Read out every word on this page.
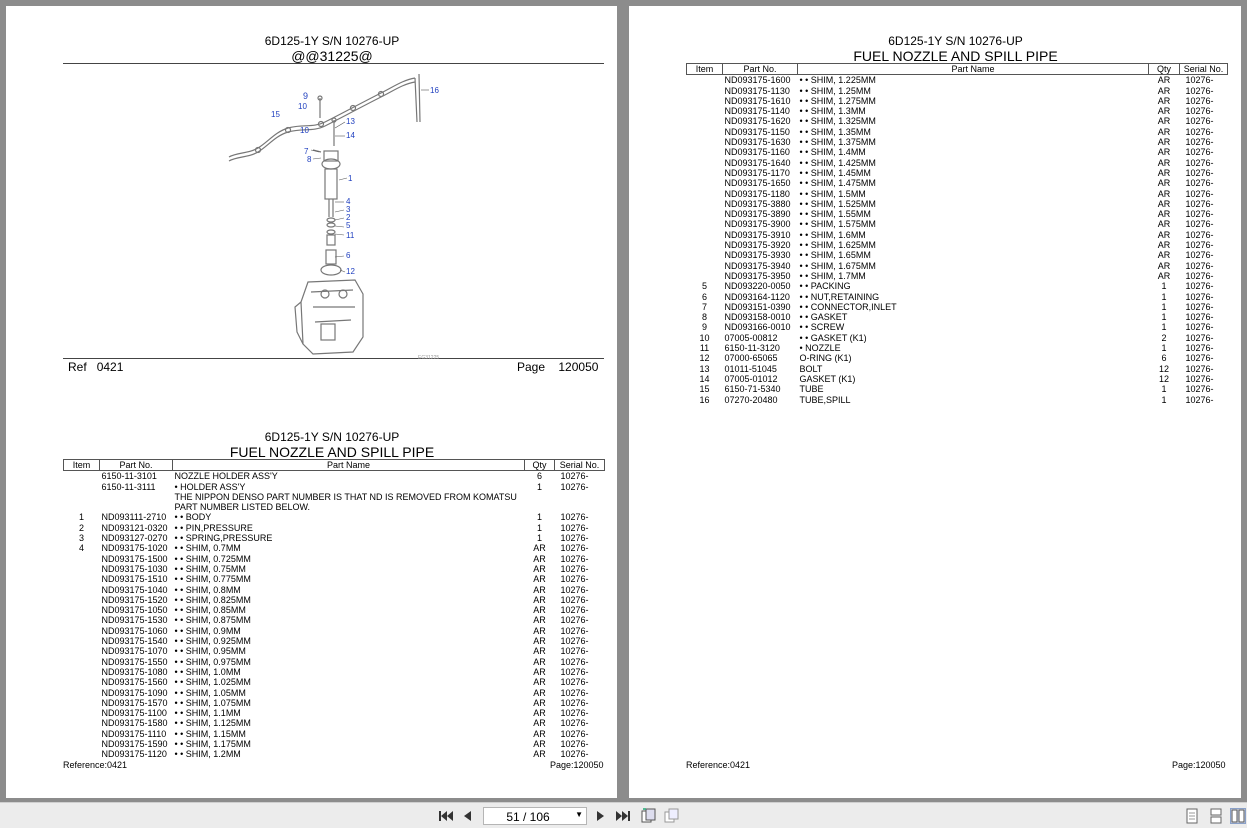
6D125-1Y S/N 10276-UP
@@31225@
1
2
3
4
5
6
7
8
9
10
10
11
12
13
14
15
16
EG31225
Ref 0421	Page 120050
6D125-1Y S/N 10276-UP
FUEL NOZZLE AND SPILL PIPE
Item	Part No.	Part Name	Qty	Serial No.
	6150-11-3101	NOZZLE HOLDER ASS'Y	6	10276-
	6150-11-3111	• HOLDER ASS'Y	1	10276-
		THE NIPPON DENSO PART NUMBER IS THAT ND IS REMOVED FROM KOMATSU PART NUMBER LISTED BELOW.		
1	ND093111-2710	• • BODY	1	10276-
2	ND093121-0320	• • PIN,PRESSURE	1	10276-
3	ND093127-0270	• • SPRING,PRESSURE	1	10276-
4	ND093175-1020	• • SHIM, 0.7MM	AR	10276-
	ND093175-1500	• • SHIM, 0.725MM	AR	10276-
	ND093175-1030	• • SHIM, 0.75MM	AR	10276-
	ND093175-1510	• • SHIM, 0.775MM	AR	10276-
	ND093175-1040	• • SHIM, 0.8MM	AR	10276-
	ND093175-1520	• • SHIM, 0.825MM	AR	10276-
	ND093175-1050	• • SHIM, 0.85MM	AR	10276-
	ND093175-1530	• • SHIM, 0.875MM	AR	10276-
	ND093175-1060	• • SHIM, 0.9MM	AR	10276-
	ND093175-1540	• • SHIM, 0.925MM	AR	10276-
	ND093175-1070	• • SHIM, 0.95MM	AR	10276-
	ND093175-1550	• • SHIM, 0.975MM	AR	10276-
	ND093175-1080	• • SHIM, 1.0MM	AR	10276-
	ND093175-1560	• • SHIM, 1.025MM	AR	10276-
	ND093175-1090	• • SHIM, 1.05MM	AR	10276-
	ND093175-1570	• • SHIM, 1.075MM	AR	10276-
	ND093175-1100	• • SHIM, 1.1MM	AR	10276-
	ND093175-1580	• • SHIM, 1.125MM	AR	10276-
	ND093175-1110	• • SHIM, 1.15MM	AR	10276-
	ND093175-1590	• • SHIM, 1.175MM	AR	10276-
	ND093175-1120	• • SHIM, 1.2MM	AR	10276-
Reference:0421	Page:120050
6D125-1Y S/N 10276-UP
FUEL NOZZLE AND SPILL PIPE
Item	Part No.	Part Name	Qty	Serial No.
	ND093175-1600	• • SHIM, 1.225MM	AR	10276-
	ND093175-1130	• • SHIM, 1.25MM	AR	10276-
	ND093175-1610	• • SHIM, 1.275MM	AR	10276-
	ND093175-1140	• • SHIM, 1.3MM	AR	10276-
	ND093175-1620	• • SHIM, 1.325MM	AR	10276-
	ND093175-1150	• • SHIM, 1.35MM	AR	10276-
	ND093175-1630	• • SHIM, 1.375MM	AR	10276-
	ND093175-1160	• • SHIM, 1.4MM	AR	10276-
	ND093175-1640	• • SHIM, 1.425MM	AR	10276-
	ND093175-1170	• • SHIM, 1.45MM	AR	10276-
	ND093175-1650	• • SHIM, 1.475MM	AR	10276-
	ND093175-1180	• • SHIM, 1.5MM	AR	10276-
	ND093175-3880	• • SHIM, 1.525MM	AR	10276-
	ND093175-3890	• • SHIM, 1.55MM	AR	10276-
	ND093175-3900	• • SHIM, 1.575MM	AR	10276-
	ND093175-3910	• • SHIM, 1.6MM	AR	10276-
	ND093175-3920	• • SHIM, 1.625MM	AR	10276-
	ND093175-3930	• • SHIM, 1.65MM	AR	10276-
	ND093175-3940	• • SHIM, 1.675MM	AR	10276-
	ND093175-3950	• • SHIM, 1.7MM	AR	10276-
5	ND093220-0050	• • PACKING	1	10276-
6	ND093164-1120	• • NUT,RETAINING	1	10276-
7	ND093151-0390	• • CONNECTOR,INLET	1	10276-
8	ND093158-0010	• • GASKET	1	10276-
9	ND093166-0010	• • SCREW	1	10276-
10	07005-00812	• • GASKET (K1)	2	10276-
11	6150-11-3120	• NOZZLE	1	10276-
12	07000-65065	O-RING (K1)	6	10276-
13	01011-51045	BOLT	12	10276-
14	07005-01012	GASKET (K1)	12	10276-
15	6150-71-5340	TUBE	1	10276-
16	07270-20480	TUBE,SPILL	1	10276-
Reference:0421	Page:120050
51 / 106	▼
